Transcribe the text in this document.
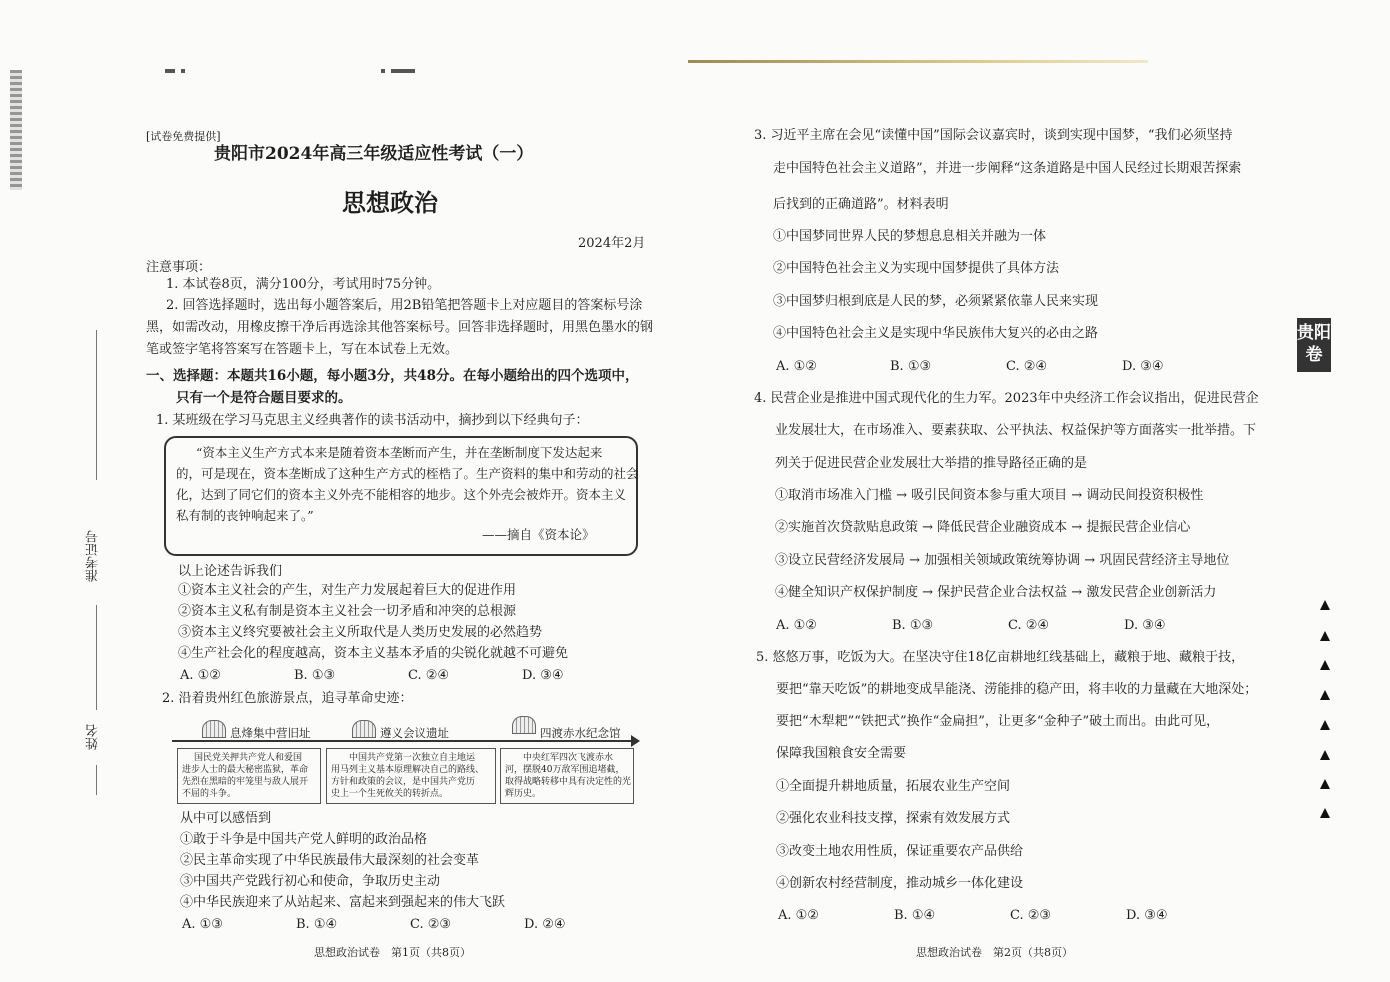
准考证号
姓名
[试卷免费提供]
贵阳市2024年高三年级适应性考试（一）
思想政治
2024年2月
注意事项：
1. 本试卷8页，满分100分，考试用时75分钟。
2. 回答选择题时，选出每小题答案后，用2B铅笔把答题卡上对应题目的答案标号涂
黑，如需改动，用橡皮擦干净后再选涂其他答案标号。回答非选择题时，用黑色墨水的钢
笔或签字笔将答案写在答题卡上，写在本试卷上无效。
一、选择题：本题共16小题，每小题3分，共48分。在每小题给出的四个选项中，
只有一个是符合题目要求的。
1. 某班级在学习马克思主义经典著作的读书活动中，摘抄到以下经典句子：
“资本主义生产方式本来是随着资本垄断而产生，并在垄断制度下发达起来
的，可是现在，资本垄断成了这种生产方式的桎梏了。生产资料的集中和劳动的社会
化，达到了同它们的资本主义外壳不能相容的地步。这个外壳会被炸开。资本主义
私有制的丧钟响起来了。”
——摘自《资本论》
以上论述告诉我们
①资本主义社会的产生，对生产力发展起着巨大的促进作用
②资本主义私有制是资本主义社会一切矛盾和冲突的总根源
③资本主义终究要被社会主义所取代是人类历史发展的必然趋势
④生产社会化的程度越高，资本主义基本矛盾的尖锐化就越不可避免
A. ①②	B. ①③	C. ②④	D. ③④
2. 沿着贵州红色旅游景点，追寻革命史迹：
息烽集中营旧址	遵义会议遗址	四渡赤水纪念馆
国民党关押共产党人和爱国
进步人士的最大秘密监狱，革命
先烈在黑暗的牢笼里与敌人展开
不屈的斗争。
中国共产党第一次独立自主地运
用马列主义基本原理解决自己的路线、
方针和政策的会议，是中国共产党历
史上一个生死攸关的转折点。
中央红军四次飞渡赤水
河，摆脱40万敌军围追堵截，
取得战略转移中具有决定性的光
辉历史。
从中可以感悟到
①敢于斗争是中国共产党人鲜明的政治品格
②民主革命实现了中华民族最伟大最深刻的社会变革
③中国共产党践行初心和使命，争取历史主动
④中华民族迎来了从站起来、富起来到强起来的伟大飞跃
A. ①③	B. ①④	C. ②③	D. ②④
思想政治试卷　第1页（共8页）
3. 习近平主席在会见“读懂中国”国际会议嘉宾时，谈到实现中国梦，“我们必须坚持
走中国特色社会主义道路”，并进一步阐释“这条道路是中国人民经过长期艰苦探索
后找到的正确道路”。材料表明
①中国梦同世界人民的梦想息息相关并融为一体
②中国特色社会主义为实现中国梦提供了具体方法
③中国梦归根到底是人民的梦，必须紧紧依靠人民来实现
④中国特色社会主义是实现中华民族伟大复兴的必由之路
A. ①②	B. ①③	C. ②④	D. ③④
4. 民营企业是推进中国式现代化的生力军。2023年中央经济工作会议指出，促进民营企
业发展壮大，在市场准入、要素获取、公平执法、权益保护等方面落实一批举措。下
列关于促进民营企业发展壮大举措的推导路径正确的是
①取消市场准入门槛 → 吸引民间资本参与重大项目 → 调动民间投资积极性
②实施首次贷款贴息政策 → 降低民营企业融资成本 → 提振民营企业信心
③设立民营经济发展局 → 加强相关领域政策统筹协调 → 巩固民营经济主导地位
④健全知识产权保护制度 → 保护民营企业合法权益 → 激发民营企业创新活力
A. ①②	B. ①③	C. ②④	D. ③④
5. 悠悠万事，吃饭为大。在坚决守住18亿亩耕地红线基础上，藏粮于地、藏粮于技，
要把“靠天吃饭”的耕地变成旱能浇、涝能排的稳产田，将丰收的力量藏在大地深处；
要把“木犁耙”“铁把式”换作“金扁担”，让更多“金种子”破土而出。由此可见，
保障我国粮食安全需要
①全面提升耕地质量，拓展农业生产空间
②强化农业科技支撑，探索有效发展方式
③改变土地农用性质，保证重要农产品供给
④创新农村经营制度，推动城乡一体化建设
A. ①②	B. ①④	C. ②③	D. ③④
思想政治试卷　第2页（共8页）
贵阳
卷
